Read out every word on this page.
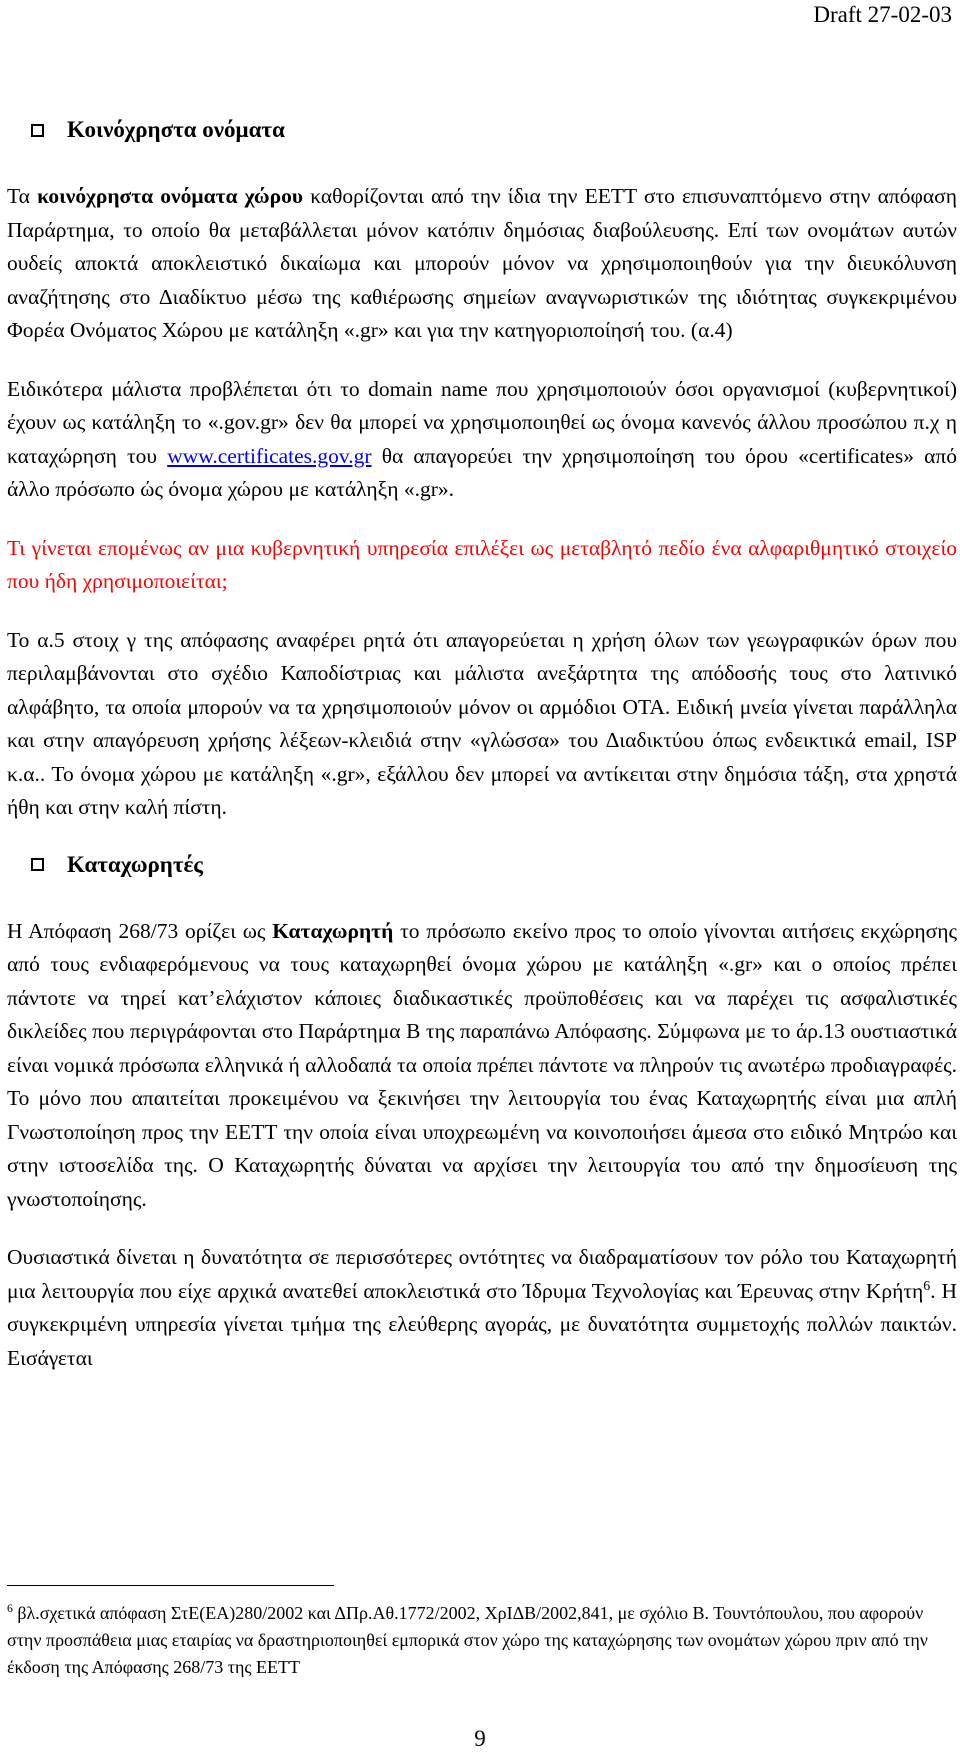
Draft 27-02-03
Κοινόχρηστα ονόματα

Τα κοινόχρηστα ονόματα χώρου καθορίζονται από την ίδια την ΕΕΤΤ στο επισυναπτόμενο στην απόφαση Παράρτημα, το οποίο θα μεταβάλλεται μόνον κατόπιν δημόσιας διαβούλευσης. Επί των ονομάτων αυτών ουδείς αποκτά αποκλειστικό δικαίωμα και μπορούν μόνον να χρησιμοποιηθούν για την διευκόλυνση αναζήτησης στο Διαδίκτυο μέσω της καθιέρωσης σημείων αναγνωριστικών της ιδιότητας συγκεκριμένου Φορέα Ονόματος Χώρου με κατάληξη «.gr» και για την κατηγοριοποίησή του. (α.4)

Ειδικότερα μάλιστα προβλέπεται ότι το domain name που χρησιμοποιούν όσοι οργανισμοί (κυβερνητικοί) έχουν ως κατάληξη το «.gov.gr» δεν θα μπορεί να χρησιμοποιηθεί ως όνομα κανενός άλλου προσώπου π.χ η καταχώρηση του www.certificates.gov.gr θα απαγορεύει την χρησιμοποίηση του όρου «certificates» από άλλο πρόσωπο ώς όνομα χώρου με κατάληξη «.gr».

Τι γίνεται επομένως αν μια κυβερνητική υπηρεσία επιλέξει ως μεταβλητό πεδίο ένα αλφαριθμητικό στοιχείο που ήδη χρησιμοποιείται;

Το α.5 στοιχ γ της απόφασης αναφέρει ρητά ότι απαγορεύεται η χρήση όλων των γεωγραφικών όρων που περιλαμβάνονται στο σχέδιο Καποδίστριας και μάλιστα ανεξάρτητα της απόδοσής τους στο λατινικό αλφάβητο, τα οποία μπορούν να τα χρησιμοποιούν μόνον οι αρμόδιοι ΟΤΑ. Ειδική μνεία γίνεται παράλληλα και στην απαγόρευση χρήσης λέξεων-κλειδιά στην «γλώσσα» του Διαδικτύου όπως ενδεικτικά email, ISP κ.α.. Το όνομα χώρου με κατάληξη «.gr», εξάλλου δεν μπορεί να αντίκειται στην δημόσια τάξη, στα χρηστά ήθη και στην καλή πίστη.

Καταχωρητές

Η Απόφαση 268/73 ορίζει ως Καταχωρητή το πρόσωπο εκείνο προς το οποίο γίνονται αιτήσεις εκχώρησης από τους ενδιαφερόμενους να τους καταχωρηθεί όνομα χώρου με κατάληξη «.gr» και ο οποίος πρέπει πάντοτε να τηρεί κατ’ελάχιστον κάποιες διαδικαστικές προϋποθέσεις και να παρέχει τις ασφαλιστικές δικλείδες που περιγράφονται στο Παράρτημα Β της παραπάνω Απόφασης. Σύμφωνα με το άρ.13 ουστιαστικά είναι νομικά πρόσωπα ελληνικά ή αλλοδαπά τα οποία πρέπει πάντοτε να πληρούν τις ανωτέρω προδιαγραφές. Το μόνο που απαιτείται προκειμένου να ξεκινήσει την λειτουργία του ένας Καταχωρητής είναι μια απλή Γνωστοποίηση προς την ΕΕΤΤ την οποία είναι υποχρεωμένη να κοινοποιήσει άμεσα στο ειδικό Μητρώο και στην ιστοσελίδα της. Ο Καταχωρητής δύναται να αρχίσει την λειτουργία του από την δημοσίευση της γνωστοποίησης.

Ουσιαστικά δίνεται η δυνατότητα σε περισσότερες οντότητες να διαδραματίσουν τον ρόλο του Καταχωρητή μια λειτουργία που είχε αρχικά ανατεθεί αποκλειστικά στο Ίδρυμα Τεχνολογίας και Έρευνας στην Κρήτη$^6$. Η συγκεκριμένη υπηρεσία γίνεται τμήμα της ελεύθερης αγοράς, με δυνατότητα συμμετοχής πολλών παικτών. Εισάγεται

$^6$ βλ.σχετικά απόφαση ΣτΕ(ΕΑ)280/2002 και ΔΠρ.Αθ.1772/2002, ΧρΙΔΒ/2002,841, με σχόλιο Β. Τουντόπουλου, που αφορούν στην προσπάθεια μιας εταιρίας να δραστηριοποιηθεί εμπορικά στον χώρο της καταχώρησης των ονομάτων χώρου πριν από την έκδοση της Απόφασης 268/73 της ΕΕΤΤ
9
